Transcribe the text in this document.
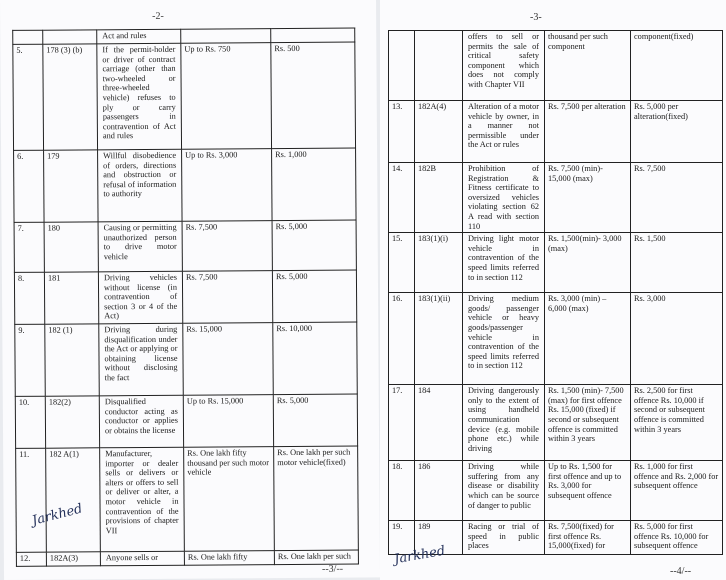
-2-
		Act and rules		
5.	178 (3) (b)	If the permit-holder or driver of contract carriage (other than two-wheeled or three-wheeled vehicle) refuses to ply or carry passengers in contravention of Act and rules	Up to Rs. 750	Rs. 500
6.	179	Willful disobedience of orders, directions and obstruction or refusal of information to authority	Up to Rs. 3,000	Rs. 1,000
7.	180	Causing or permitting unauthorized person to drive motor vehicle	Rs. 7,500	Rs. 5,000
8.	181	Driving vehicles without license (in contravention of section 3 or 4 of the Act)	Rs. 7,500	Rs. 5,000
9.	182 (1)	Driving during disqualification under the Act or applying or obtaining license without disclosing the fact	Rs. 15,000	Rs. 10,000
10.	182(2)	Disqualified conductor acting as conductor or applies or obtains the license	Up to Rs. 15,000	Rs. 5,000
11.	182 A(1)	Manufacturer, importer or dealer sells or delivers or alters or offers to sell or deliver or alter, a motor vehicle in contravention of the provisions of chapter VII	Rs. One lakh fifty thousand per such motor vehicle	Rs. One lakh per such motor vehicle(fixed)
12.	182A(3)	Anyone sells or	Rs. One lakh fifty	Rs. One lakh per such
Jarkhed
--3/--
-3-
		offers to sell or permits the sale of critical safety component which does not comply with Chapter VII	thousand per such component	component(fixed)
13.	182A(4)	Alteration of a motor vehicle by owner, in a manner not permissible under the Act or rules	Rs. 7,500 per alteration	Rs. 5,000 per alteration(fixed)
14.	182B	Prohibition of Registration & Fitness certificate to oversized vehicles violating section 62 A read with section 110	Rs. 7,500 (min)- 15,000 (max)	Rs. 7,500
15.	183(1)(i)	Driving light motor vehicle in contravention of the speed limits referred to in section 112	Rs. 1,500(min)- 3,000 (max)	Rs. 1,500
16.	183(1)(ii)	Driving medium goods/ passenger vehicle or heavy goods/passenger vehicle in contravention of the speed limits referred to in section 112	Rs. 3,000 (min) – 6,000 (max)	Rs. 3,000
17.	184	Driving dangerously only to the extent of using handheld communication device (e.g. mobile phone etc.) while driving	Rs. 1,500 (min)- 7,500 (max) for first offence Rs. 15,000 (fixed) if second or subsequent offence is committed within 3 years	Rs. 2,500 for first offence Rs. 10,000 if second or subsequent offence is committed within 3 years
18.	186	Driving while suffering from any disease or disability which can be source of danger to public	Up to Rs. 1,500 for first offence and up to Rs. 3,000 for subsequent offence	Rs. 1,000 for first offence and Rs. 2,000 for subsequent offence
19.	189	Racing or trial of speed in public places	Rs. 7,500(fixed) for first offence Rs. 15,000(fixed) for	Rs. 5,000 for first offence Rs. 10,000 for subsequent offence
Jarkhed
--4/--
